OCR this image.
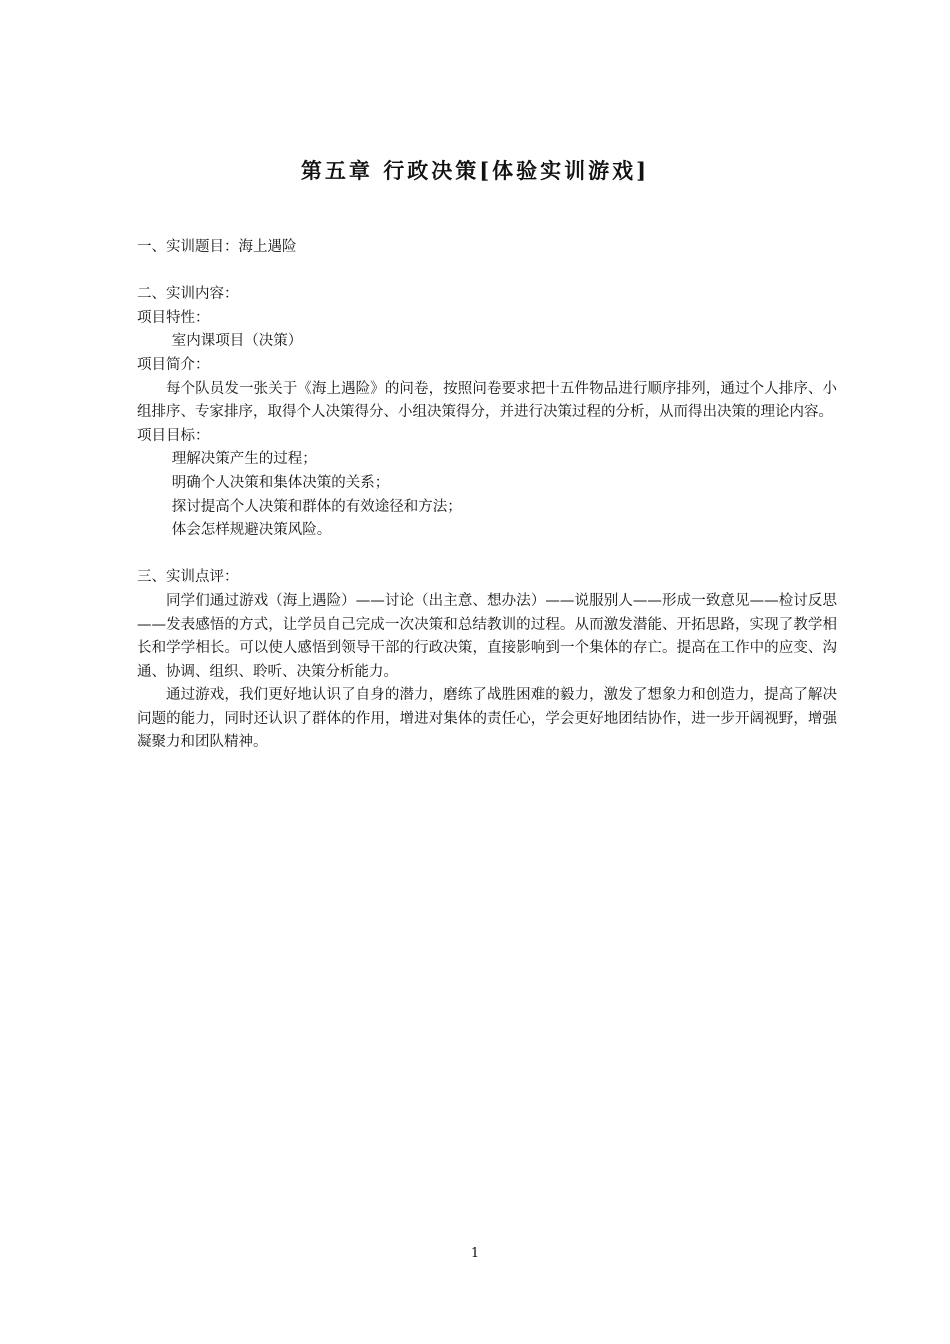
第五章 行政决策[体验实训游戏]

一、实训题目：海上遇险

二、实训内容：

项目特性：

室内课项目（决策）

项目简介：

每个队员发一张关于《海上遇险》的问卷，按照问卷要求把十五件物品进行顺序排列，通过个人排序、小组排序、专家排序，取得个人决策得分、小组决策得分，并进行决策过程的分析，从而得出决策的理论内容。

项目目标：

理解决策产生的过程；

明确个人决策和集体决策的关系；

探讨提高个人决策和群体的有效途径和方法；

体会怎样规避决策风险。

三、实训点评：

同学们通过游戏（海上遇险）——讨论（出主意、想办法）——说服别人——形成一致意见——检讨反思——发表感悟的方式，让学员自己完成一次决策和总结教训的过程。从而激发潜能、开拓思路，实现了教学相长和学学相长。可以使人感悟到领导干部的行政决策，直接影响到一个集体的存亡。提高在工作中的应变、沟通、协调、组织、聆听、决策分析能力。

通过游戏，我们更好地认识了自身的潜力，磨练了战胜困难的毅力，激发了想象力和创造力，提高了解决问题的能力，同时还认识了群体的作用，增进对集体的责任心，学会更好地团结协作，进一步开阔视野，增强凝聚力和团队精神。

1
